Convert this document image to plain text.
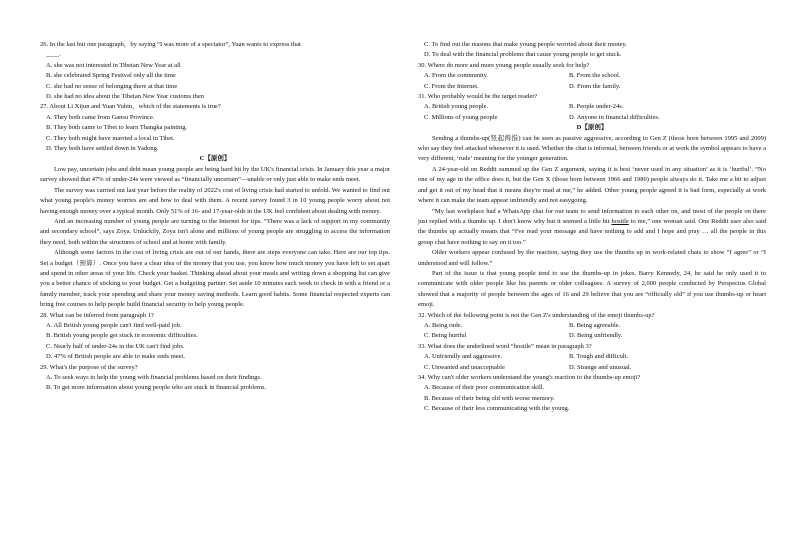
26. In the last but one paragraph，by saying “I was more of a spectator”, Yuan wants to express that
____.
A. she was not interested in Tibetan New Year at all
B. she celebrated Spring Festival only all the time
C. she had no sense of belonging there at that time
D. she had no idea about the Tibetan New Year customs then
27. About Li Xijun and Yuan Yubin，which of the statements is true?
A. They both came from Gansu Province.
B. They both came to Tibet to learn Thangka painting.
C. They both might have married a local in Tibet.
D. They both have settled down in Yadong.
C【原创】
Low pay, uncertain jobs and debt mean young people are being hard hit by the UK's financial crisis. In January this year a major survey showed that 47% of under-24s were viewed as “financially uncertain”—unable or only just able to make ends meet.
The survey was carried out last year before the reality of 2022's cost of living crisis had started to unfold. We wanted to find out what young people's money worries are and how to deal with them. A recent survey found 3 in 10 young people worry about not having enough money over a typical month. Only 51% of 16- and 17-year-olds in the UK feel confident about dealing with money.
And an increasing number of young people are turning to the Internet for tips. “There was a lack of support in my community and secondary school”, says Zoya. Unluckily, Zoya isn't alone and millions of young people are struggling to access the information they need, both within the structures of school and at home with family.
Although some factors in the cost of living crisis are out of our hands, there are steps everyone can take. Here are our top tips. Set a budget（预算）. Once you have a clear idea of the money that you use, you know how much money you have left to set apart and spend in other areas of your life. Check your basket. Thinking ahead about your meals and writing down a shopping list can give you a better chance of sticking to your budget. Get a budgeting partner. Set aside 10 minutes each week to check in with a friend or a family member, track your spending and share your money saving methods. Learn good habits. Some financial respected experts can bring free courses to help people build financial security to help young people.
28. What can be inferred from paragraph 1?
A. All British young people can't find well-paid job.
B. British young people get stuck in economic difficulties.
C. Nearly half of under-24s in the UK can't find jobs.
D. 47% of British people are able to make ends meet.
29. What's the purpose of the survey?
A. To seek ways to help the young with financial problems based on their findings.
B. To get more information about young people who are stuck in financial problems.
C. To find out the reasons that make young people worried about their money.
D. To deal with the financial problems that cause young people to get stuck.
30. Where do more and more young people usually seek for help?
A. From the community.	B. From the school.
C. From the Internet.	D. From the family.
31. Who probably would be the target reader?
A. British young people.	B. People under-24s.
C. Millions of young people	D. Anyone in financial difficulties.
D【原创】
Sending a thumbs-up(竖起拇指) can be seen as passive aggressive, according to Gen Z (those born between 1995 and 2009) who say they feel attacked whenever it is used. Whether the chat is informal, between friends or at work the symbol appears to have a very different, ‘rude’ meaning for the younger generation.
A 24-year-old on Reddit summed up the Gen Z argument, saying it is best ‘never used in any situation’ as it is ‘hurtful’. “No one of my age in the office does it, but the Gen X (those born between 1966 and 1980) people always do it. Take me a bit to adjust and get it out of my head that it means they're mad at me,” he added. Other young people agreed it is bad form, especially at work where it can make the team appear unfriendly and not easygoing.
“My last workplace had a WhatsApp chat for our team to send information to each other on, and most of the people on there just replied with a thumbs up. I don't know why but it seemed a little bit hostile to me,” one woman said. One Reddit user also said the thumbs up actually means that “I've read your message and have nothing to add and I hope and pray … all the people in this group chat have nothing to say on it too.”
Older workers appear confused by the reaction, saying they use the thumbs up in work-related chats to show “I agree” or “I understood and will follow.”
Part of the issue is that young people tend to use the thumbs-up in jokes. Barry Kennedy, 24, he said he only used it to communicate with older people like his parents or older colleagues. A survey of 2,000 people conducted by Perspectus Global showed that a majority of people between the ages of 16 and 29 believe that you are “officially old” if you use thumbs-up or heart emoji.
32. Which of the following point is not the Gen Z's understanding of the emoji thumbs-up?
A. Being rude.	B. Being agreeable.
C. Being hurtful	D. Being unfriendly.
33. What does the underlined word “hostile” mean in paragraph 3?
A. Unfriendly and aggressive.	B. Tough and difficult.
C. Unwanted and unacceptable	D. Strange and unusual.
34. Why can't older workers understand the young's reaction to the thumbs-up emoji?
A. Because of their poor communication skill.
B. Because of their being old with worse memory.
C. Because of their less communicating with the young.
